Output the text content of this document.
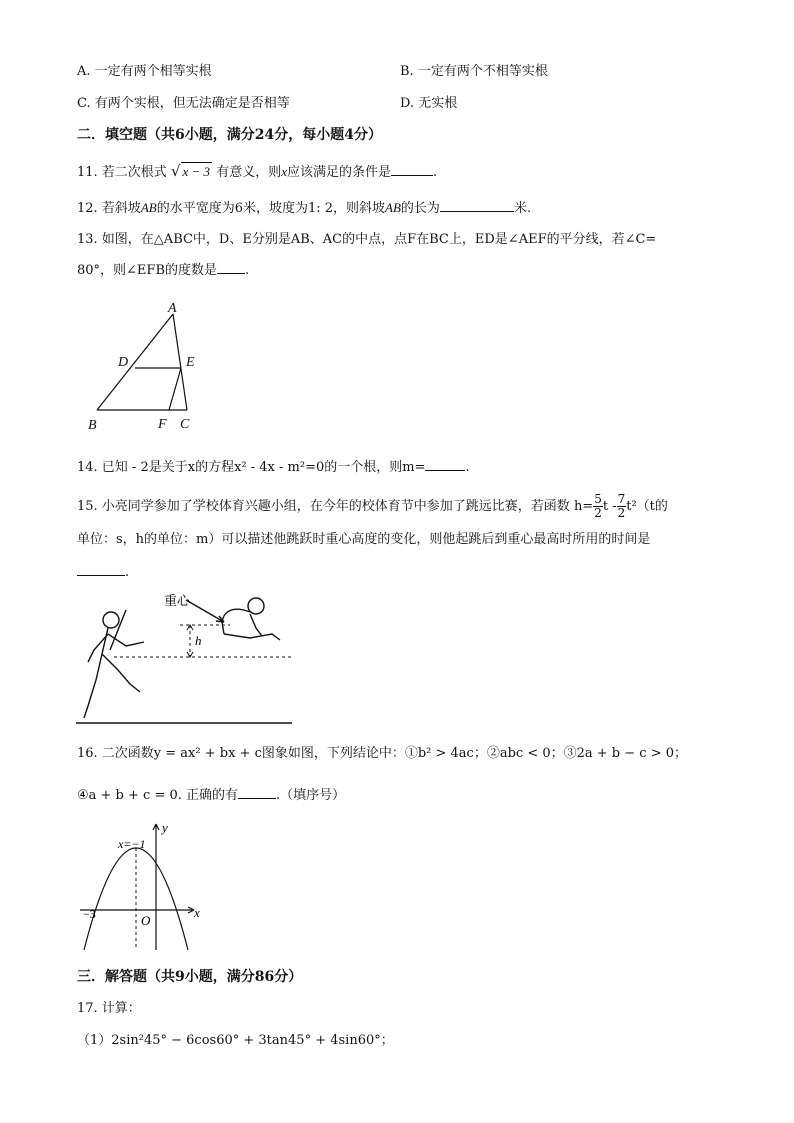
A. 一定有两个相等实根	B. 一定有两个不相等实根
C. 有两个实根，但无法确定是否相等	D. 无实根
二．填空题（共6小题，满分24分，每小题4分）
11. 若二次根式 √ x − 3 有意义，则x应该满足的条件是	.
12. 若斜坡AB的水平宽度为6米，坡度为1: 2，则斜坡AB的长为	米.
13. 如图，在△ABC中，D、E分别是AB、AC的中点，点F在BC上，ED是∠AEF的平分线，若∠C=
80°，则∠EFB的度数是 .
A
D	E
B	F C
14. 已知 - 2是关于x的方程x² - 4x - m²=0的一个根，则m=	.
15. 小亮同学参加了学校体育兴趣小组，在今年的校体育节中参加了跳远比赛，若函数 $h= \frac{5}{2}$ t - $\frac{7}{2} t^2(t$的
单位：s，h的单位：m）可以描述他跳跃时重心高度的变化，则他起跳后到重心最高时所用的时间是
.
重心
h
16. 二次函数y = ax² + bx + c图象如图，下列结论中：①b² > 4ac；②abc < 0；③2a + b − c > 0；
④a + b + c = 0. 正确的有	.（填序号）
y
x
x=−1
−3	O
三．解答题（共9小题，满分86分）
17. 计算：
（1）2sin²45° − 6cos60° + 3tan45° + 4sin60°；
